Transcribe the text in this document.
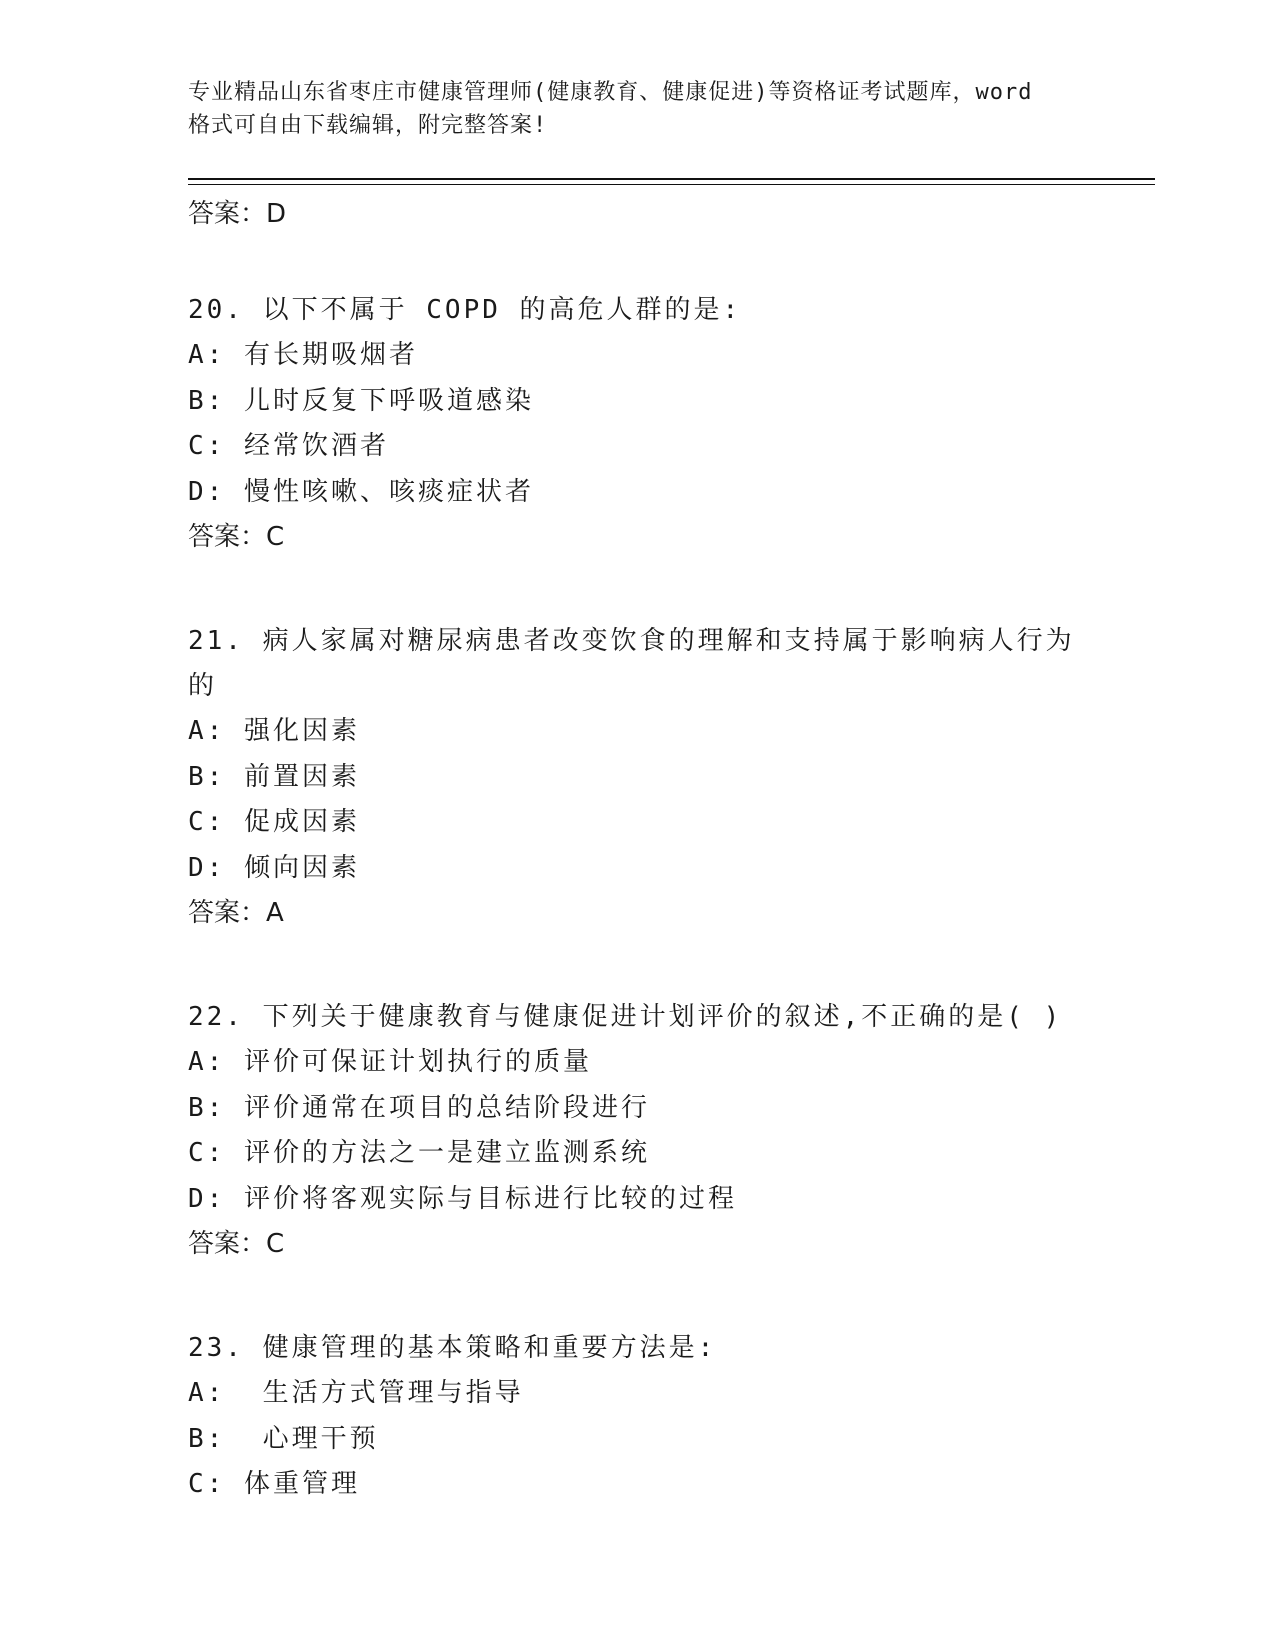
专业精品山东省枣庄市健康管理师(健康教育、健康促进)等资格证考试题库，word
格式可自由下载编辑，附完整答案!
答案：D
20. 以下不属于 COPD 的高危人群的是:
A: 有长期吸烟者
B: 儿时反复下呼吸道感染
C: 经常饮酒者
D: 慢性咳嗽、咳痰症状者
答案：C
21. 病人家属对糖尿病患者改变饮食的理解和支持属于影响病人行为的
A: 强化因素
B: 前置因素
C: 促成因素
D: 倾向因素
答案：A
22. 下列关于健康教育与健康促进计划评价的叙述,不正确的是( )
A: 评价可保证计划执行的质量
B: 评价通常在项目的总结阶段进行
C: 评价的方法之一是建立监测系统
D: 评价将客观实际与目标进行比较的过程
答案：C
23. 健康管理的基本策略和重要方法是:
A:  生活方式管理与指导
B:  心理干预
C: 体重管理
